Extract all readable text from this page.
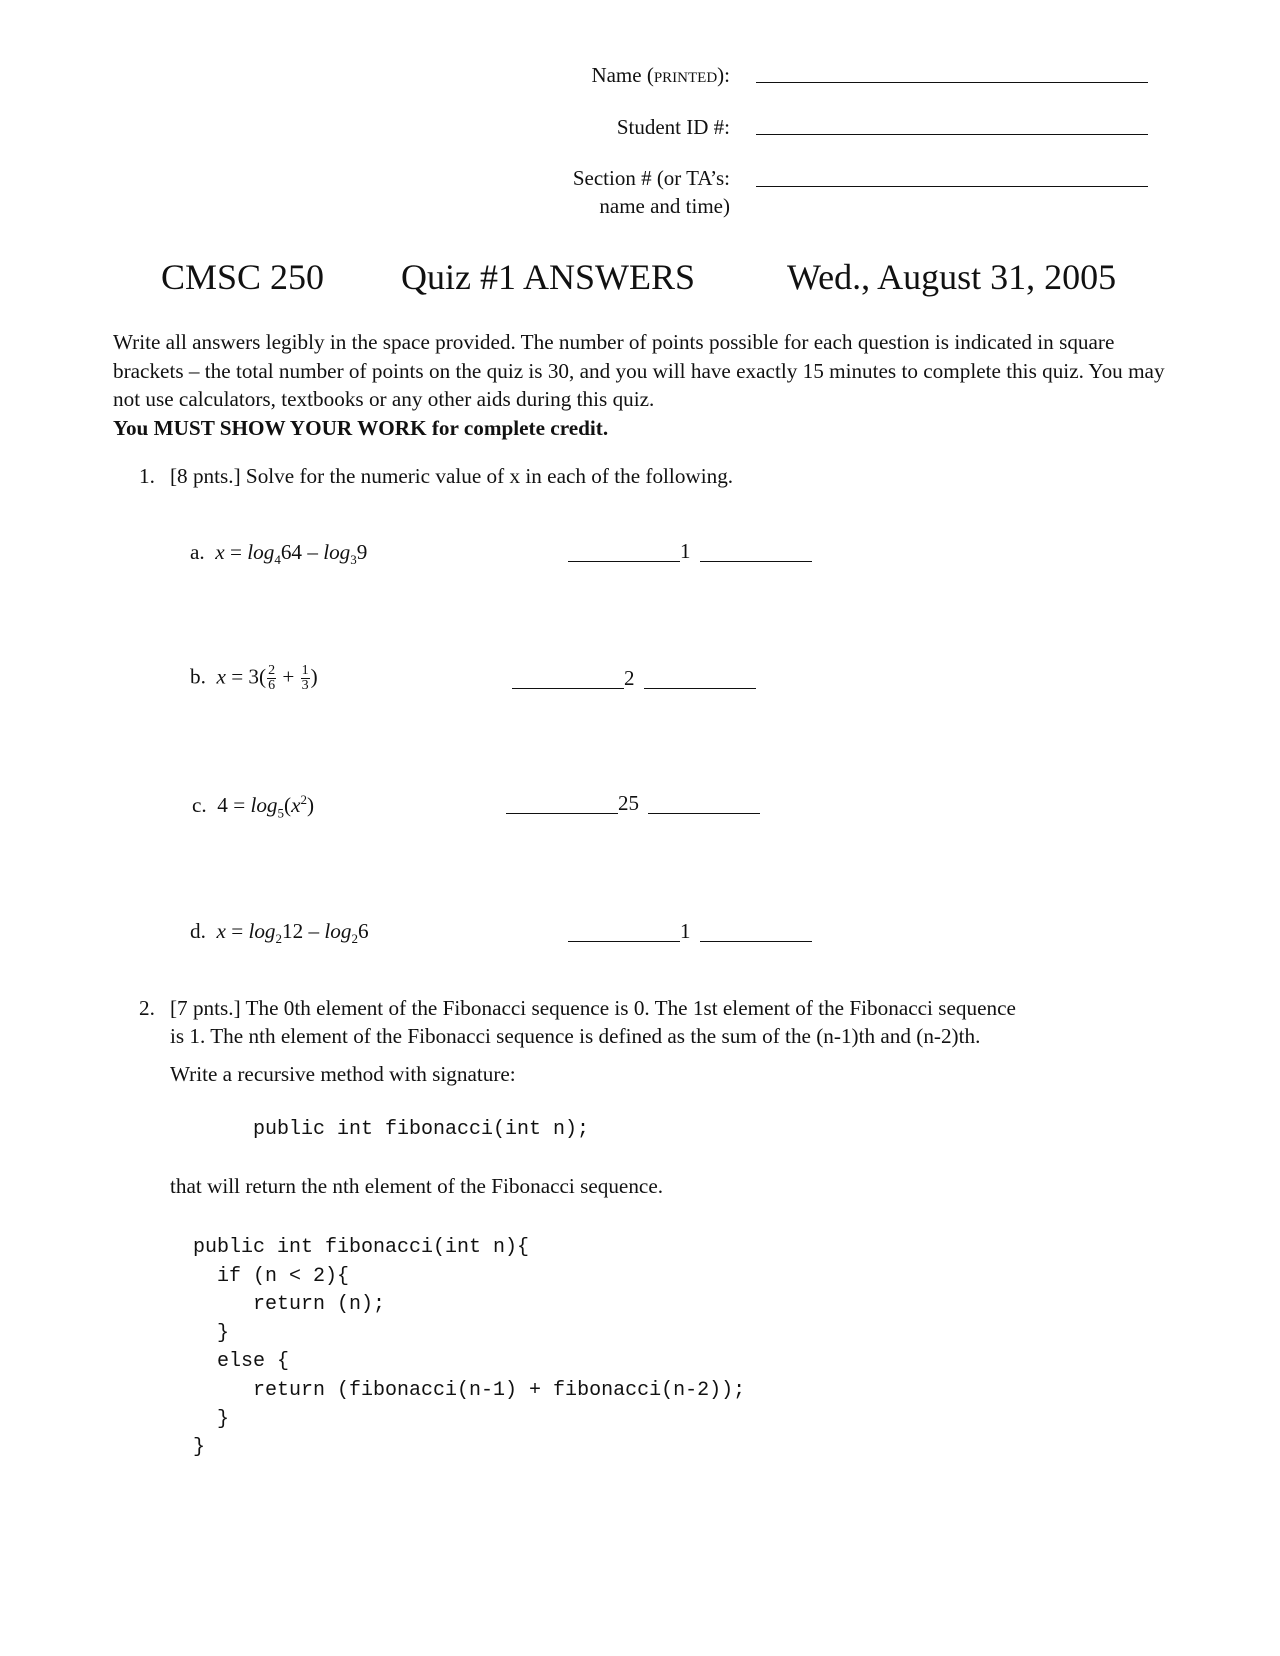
Name (printed):
Student ID #:
Section # (or TA’s:
name and time)
CMSC 250 Quiz #1 ANSWERS	Wed., August 31, 2005
Write all answers legibly in the space provided. The number of points possible for each question is indicated in square brackets – the total number of points on the quiz is 30, and you will have exactly 15 minutes to complete this quiz. You may not use calculators, textbooks or any other aids during this quiz.
You MUST SHOW YOUR WORK for complete credit.
1. [8 pnts.] Solve for the numeric value of x in each of the following.
a. $x = \log_464 - \log_39$	1
b. $x = 3( \frac{2}{6} + \frac{1}{3}$ )	2
c.  $4 = \log_5(x^2)$	25
d. $x = \log_212 - \log_26$	1
2. [7 pnts.] The 0th element of the Fibonacci sequence is 0. The 1st element of the Fibonacci sequence
is 1. The nth element of the Fibonacci sequence is defined as the sum of the (n-1)th and (n-2)th.
Write a recursive method with signature:
public int fibonacci(int n);
that will return the nth element of the Fibonacci sequence.
public int fibonacci(int n){
if (n < 2){
return (n);
}
else {
return (fibonacci(n-1) + fibonacci(n-2));
}
}
